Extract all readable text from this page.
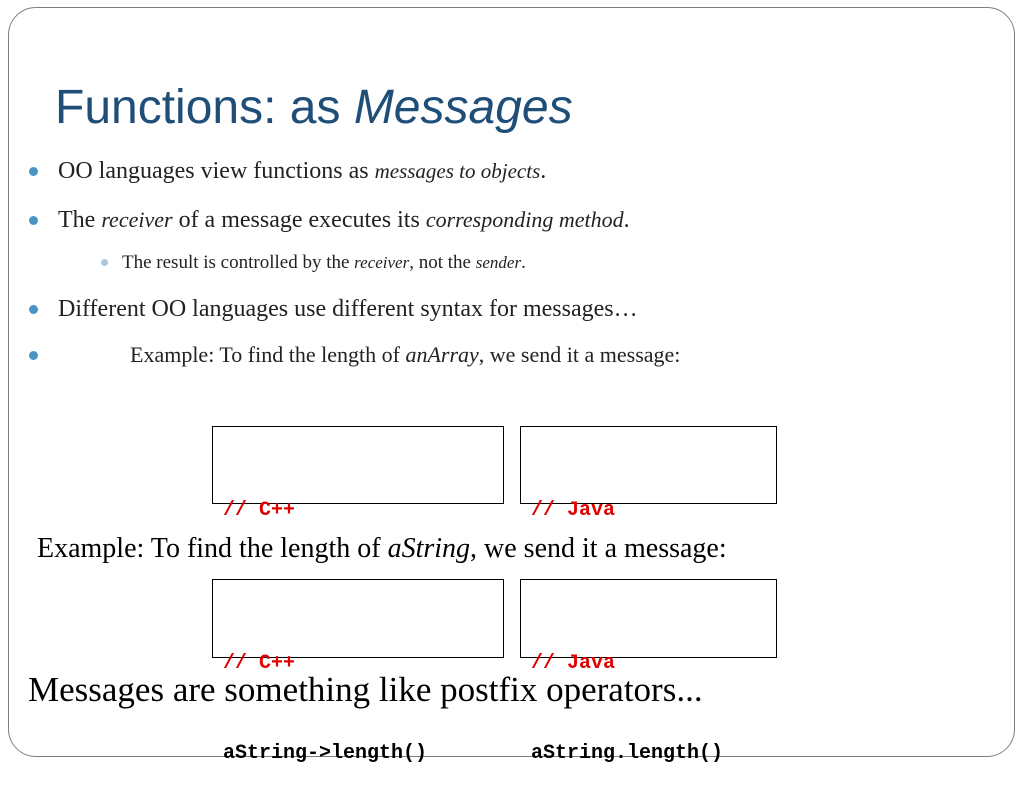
Functions: as Messages
OO languages view functions as messages to objects.
The receiver of a message executes its corresponding method.
The result is controlled by the receiver, not the sender.
Different OO languages use different syntax for messages…
Example: To find the length of anArray, we send it a message:

// C++

	// Java

Example: To find the length of aString, we send it a message:

// C++

aString->length()

// Java

aString.length()

Messages are something like postfix operators...
